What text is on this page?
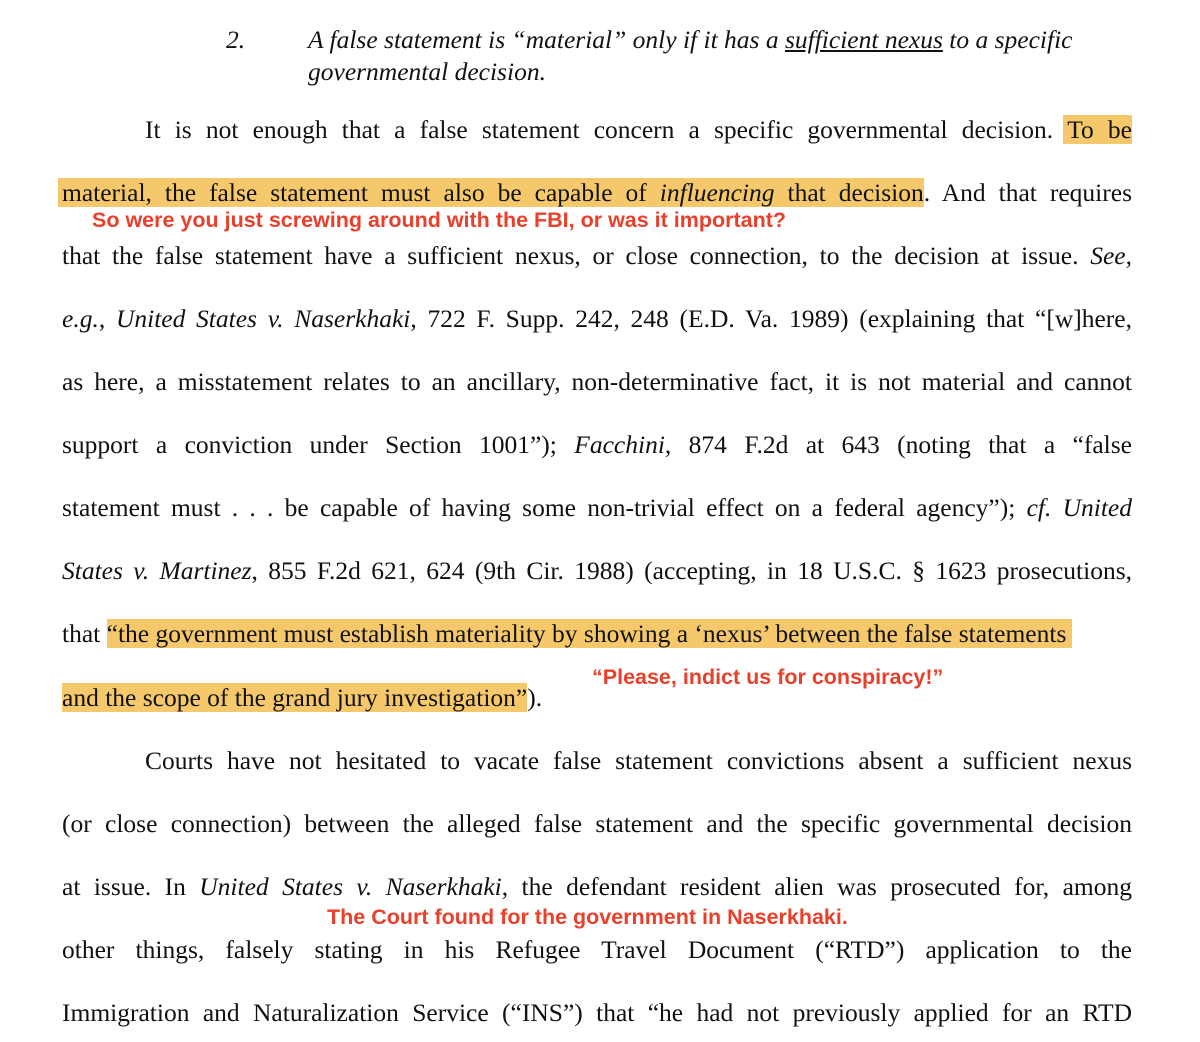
2. A false statement is “material” only if it has a sufficient nexus to a specific
governmental decision.
It is not enough that a false statement concern a specific governmental decision. To be
material, the false statement must also be capable of influencing that decision. And that requires
So were you just screwing around with the FBI, or was it important?
that the false statement have a sufficient nexus, or close connection, to the decision at issue. See,
e.g., United States v. Naserkhaki, 722 F. Supp. 242, 248 (E.D. Va. 1989) (explaining that “[w]here,
as here, a misstatement relates to an ancillary, non-determinative fact, it is not material and cannot
support a conviction under Section 1001”); Facchini, 874 F.2d at 643 (noting that a “false
statement must . . . be capable of having some non-trivial effect on a federal agency”); cf. United
States v. Martinez, 855 F.2d 621, 624 (9th Cir. 1988) (accepting, in 18 U.S.C. § 1623 prosecutions,
that “the government must establish materiality by showing a ‘nexus’ between the false statements
“Please, indict us for conspiracy!”
and the scope of the grand jury investigation”).
Courts have not hesitated to vacate false statement convictions absent a sufficient nexus
(or close connection) between the alleged false statement and the specific governmental decision
at issue. In United States v. Naserkhaki, the defendant resident alien was prosecuted for, among
The Court found for the government in Naserkhaki.
other things, falsely stating in his Refugee Travel Document (“RTD”) application to the
Immigration and Naturalization Service (“INS”) that “he had not previously applied for an RTD
